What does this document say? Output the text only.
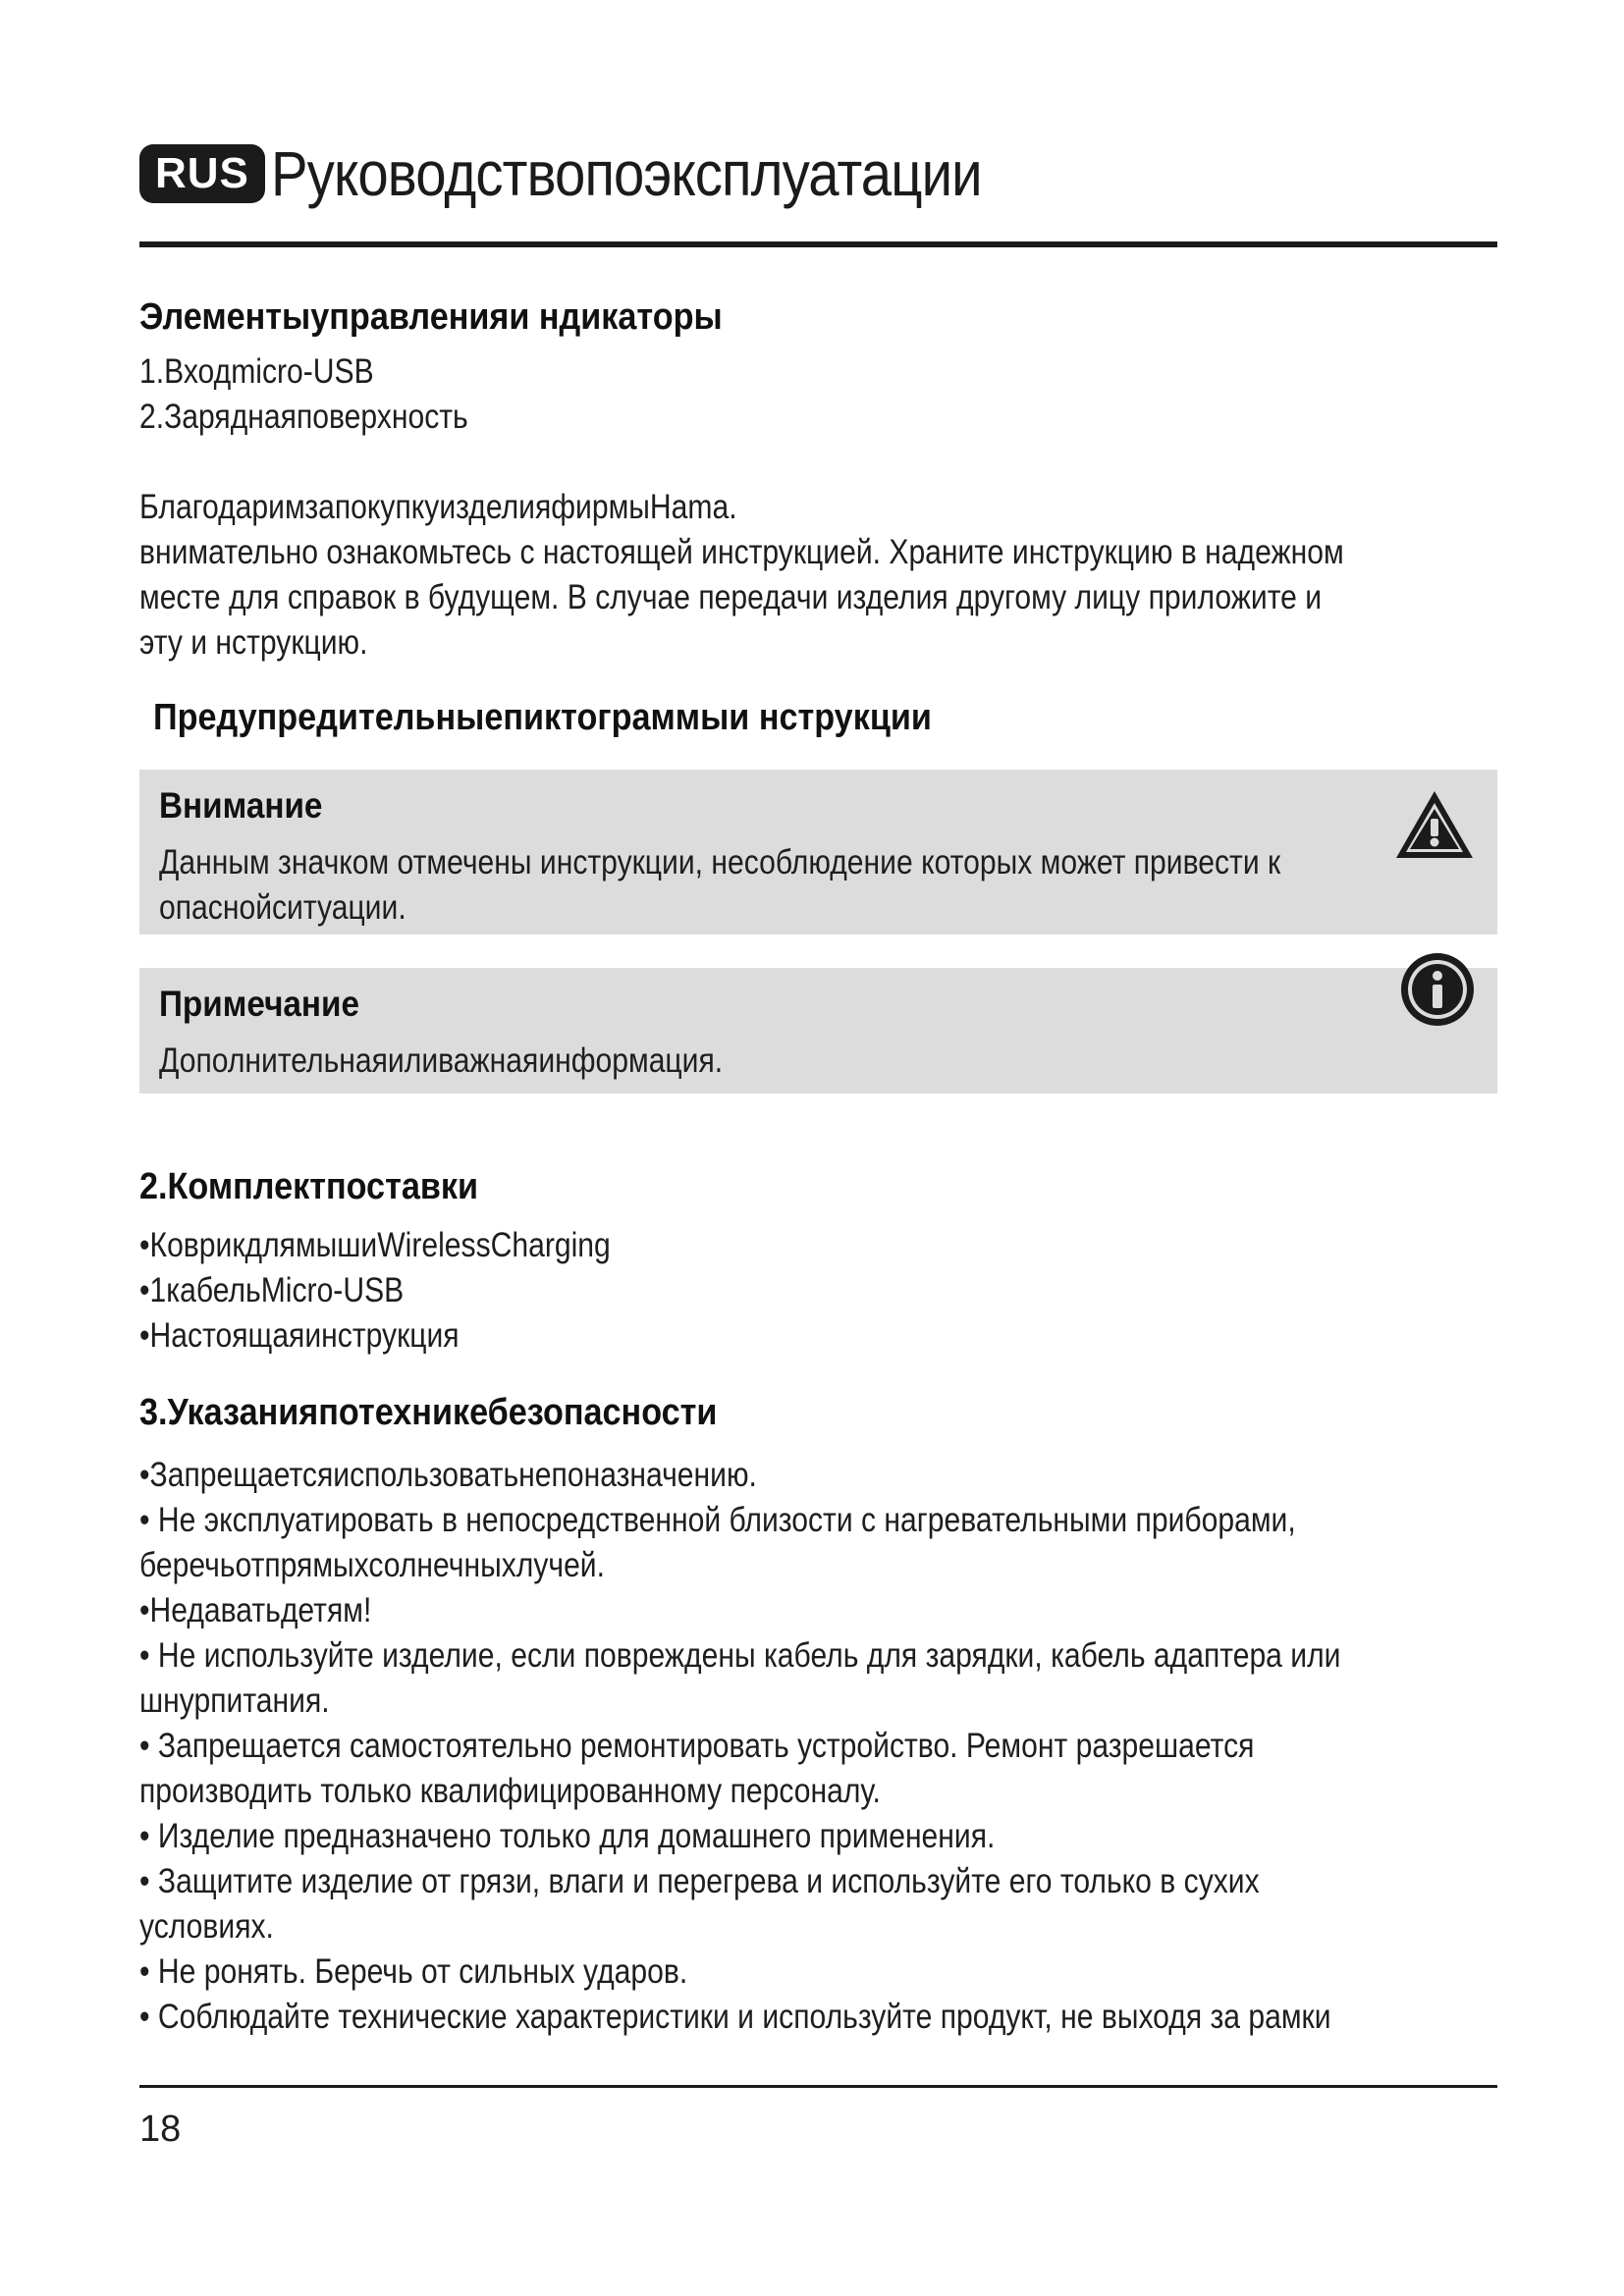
RUS Руководствопоэксплуатации
Элементыуправленияи ндикаторы
1.Входmicro-USB
2.Заряднаяповерхность
БлагодаримзапокупкуизделияфирмыHama.
внимательно ознакомьтесь с настоящей инструкцией. Храните инструкцию в надежном
месте для справок в будущем. В случае передачи изделия другому лицу приложите и
эту и нструкцию.
Предупредительныепиктограммыи нструкции
Внимание
Данным значком отмечены инструкции, несоблюдение которых может привести к
опаснойситуации.
Примечание
Дополнительнаяиливажнаяинформация.
2.Комплектпоставки
•КоврикдлямышиWirelessCharging
•1кабельMicro-USB
•Настоящаяинструкция
3.Указанияпотехникебезопасности
•Запрещаетсяиспользоватьнепоназначению.
• Не эксплуатировать в непосредственной близости с нагревательными приборами,
беречьотпрямыхсолнечныхлучей.
•Недаватьдетям!
• Не используйте изделие, если повреждены кабель для зарядки, кабель адаптера или
шнурпитания.
• Запрещается самостоятельно ремонтировать устройство. Ремонт разрешается
производить только квалифицированному персоналу.
• Изделие предназначено только для домашнего применения.
• Защитите изделие от грязи, влаги и перегрева и используйте его только в сухих
условиях.
• Не ронять. Беречь от сильных ударов.
• Соблюдайте технические характеристики и используйте продукт, не выходя за рамки
18
